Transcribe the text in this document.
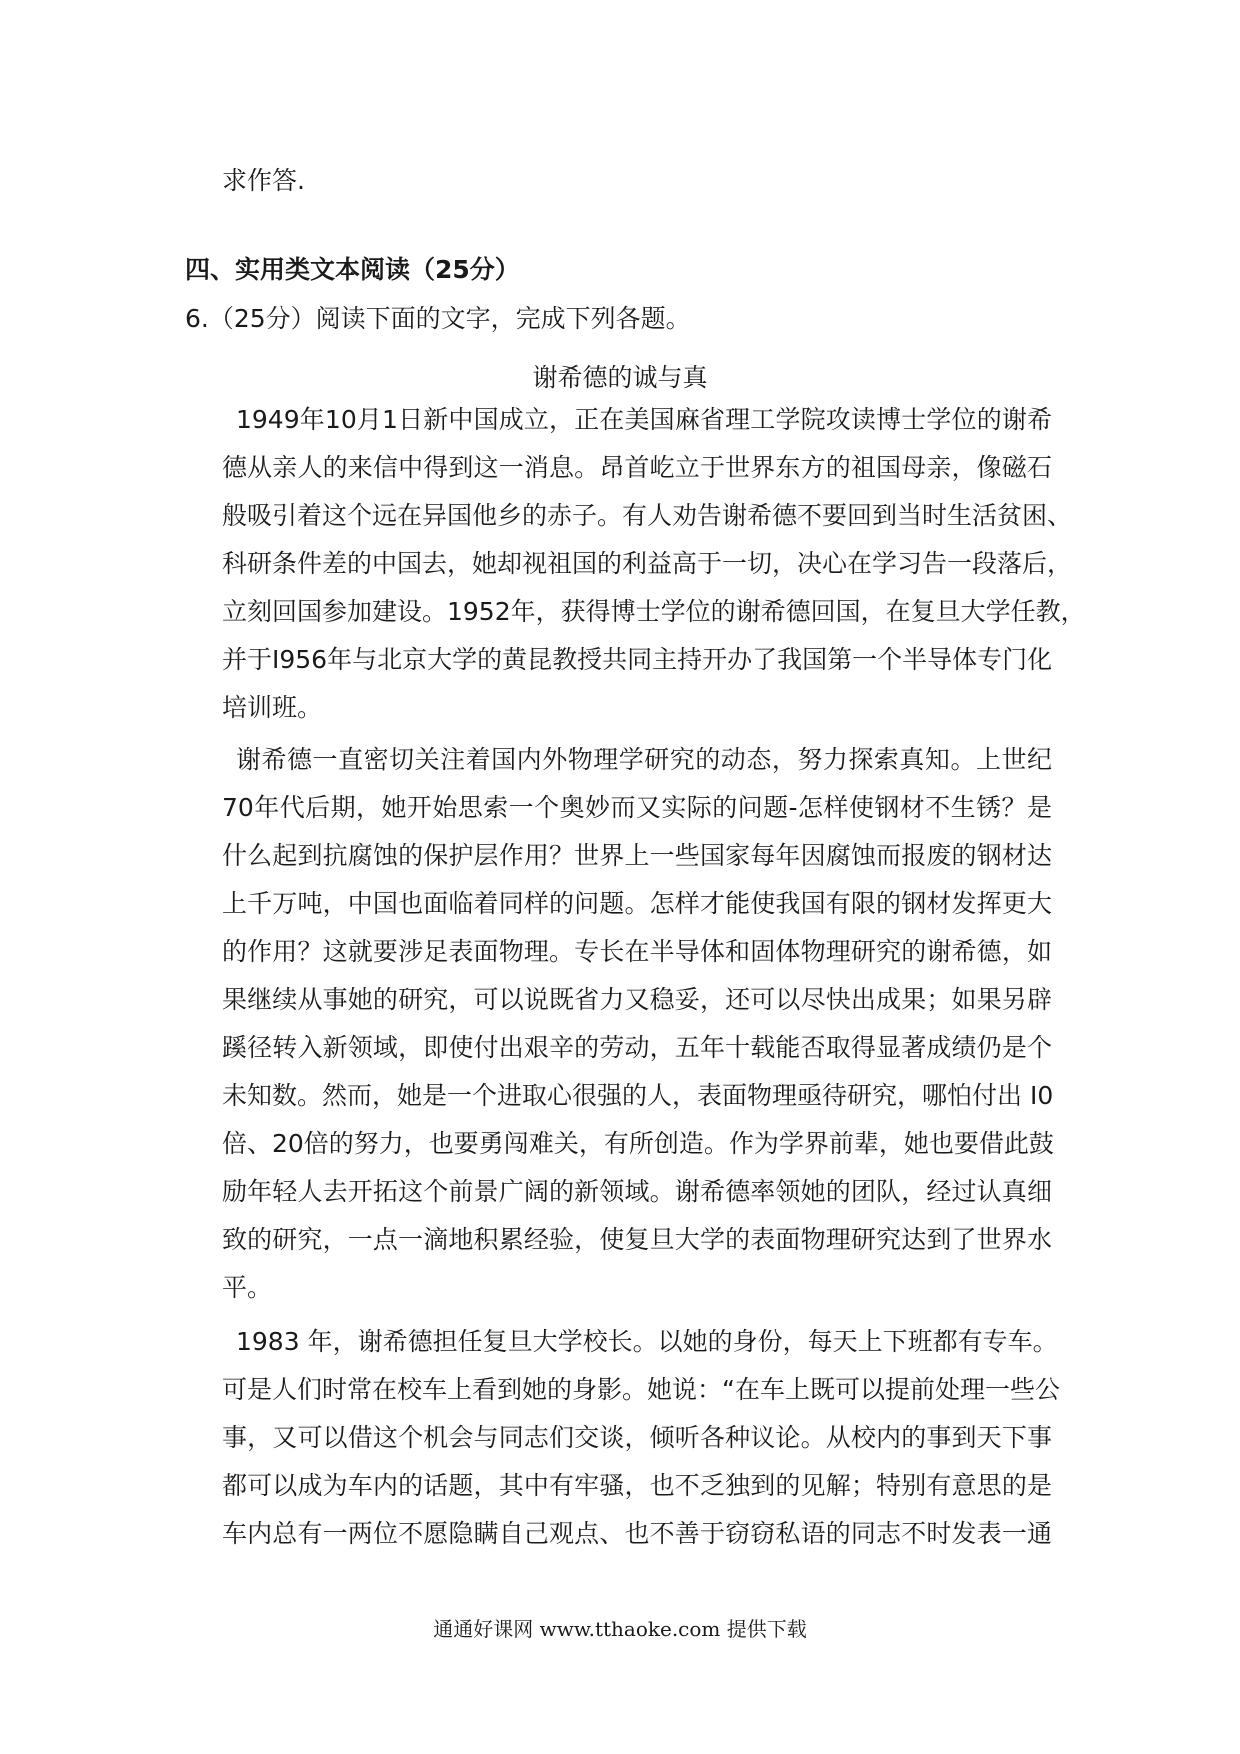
求作答.
四、实用类文本阅读（25分）
6.（25分）阅读下面的文字，完成下列各题。
谢希德的诚与真
1949年10月1日新中国成立，正在美国麻省理工学院攻读博士学位的谢希
德从亲人的来信中得到这一消息。昂首屹立于世界东方的祖国母亲，像磁石
般吸引着这个远在异国他乡的赤子。有人劝告谢希德不要回到当时生活贫困、
科研条件差的中国去，她却视祖国的利益高于一切，决心在学习告一段落后，
立刻回国参加建设。1952年，获得博士学位的谢希德回国，在复旦大学任教，
并于I956年与北京大学的黄昆教授共同主持开办了我国第一个半导体专门化
培训班。
谢希德一直密切关注着国内外物理学研究的动态，努力探索真知。上世纪
70年代后期，她开始思索一个奥妙而又实际的问题-怎样使钢材不生锈？是
什么起到抗腐蚀的保护层作用？世界上一些国家每年因腐蚀而报废的钢材达
上千万吨，中国也面临着同样的问题。怎样才能使我国有限的钢材发挥更大
的作用？这就要涉足表面物理。专长在半导体和固体物理研究的谢希德，如
果继续从事她的研究，可以说既省力又稳妥，还可以尽快出成果；如果另辟
蹊径转入新领域，即使付出艰辛的劳动，五年十载能否取得显著成绩仍是个
未知数。然而，她是一个进取心很强的人，表面物理亟待研究，哪怕付出 I0
倍、20倍的努力，也要勇闯难关，有所创造。作为学界前辈，她也要借此鼓
励年轻人去开拓这个前景广阔的新领域。谢希德率领她的团队，经过认真细
致的研究，一点一滴地积累经验，使复旦大学的表面物理研究达到了世界水
平。
1983 年，谢希德担任复旦大学校长。以她的身份，每天上下班都有专车。
可是人们时常在校车上看到她的身影。她说：“在车上既可以提前处理一些公
事，又可以借这个机会与同志们交谈，倾听各种议论。从校内的事到天下事
都可以成为车内的话题，其中有牢骚，也不乏独到的见解；特别有意思的是
车内总有一两位不愿隐瞒自己观点、也不善于窃窃私语的同志不时发表一通
通通好课网 www.tthaoke.com 提供下载
